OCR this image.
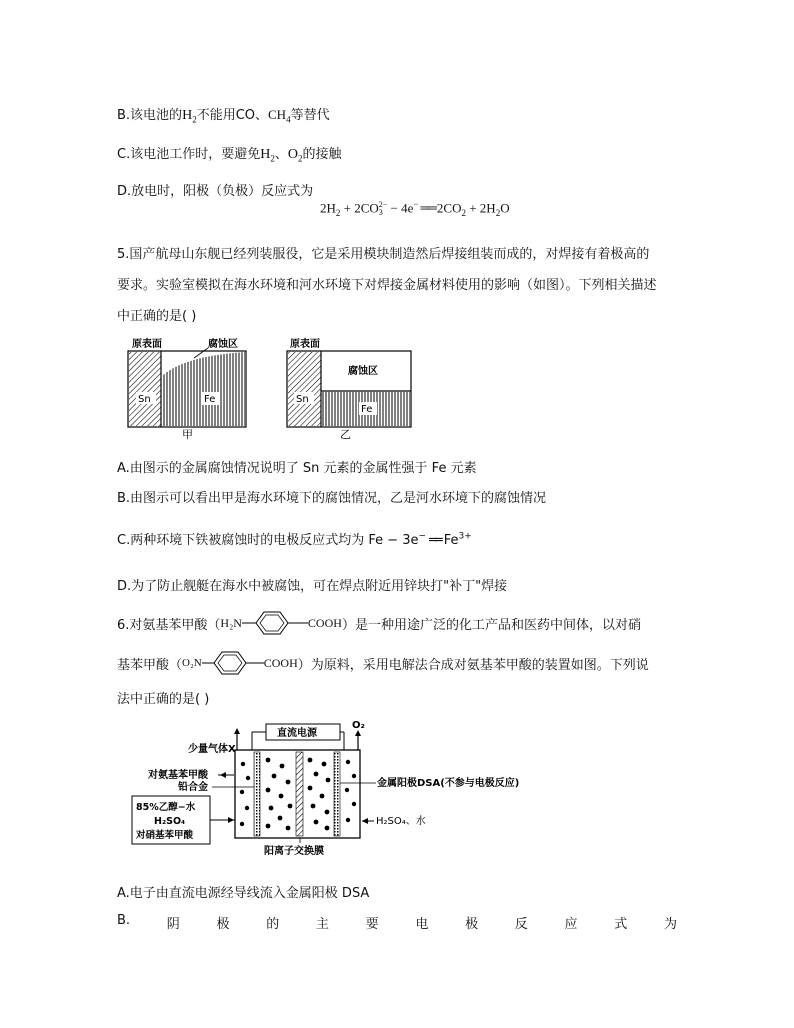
B.该电池的$H_2$不能用CO、$CH_4$等替代
C.该电池工作时，要避免$H_2$、$O_2$的接触
D.放电时，阳极（负极）反应式为
$2H_2 + 2CO$ 2−
3 − 4e− ══ $2CO_2 + 2H_2O$
5.国产航母山东舰已经列装服役，它是采用模块制造然后焊接组装而成的，对焊接有着极高的
要求。实验室模拟在海水环境和河水环境下对焊接金属材料使用的影响（如图）。下列相关描述
中正确的是( )
Sn	Fe
原表面	腐蚀区
甲
Sn
Fe
腐蚀区
原表面
乙
A.由图示的金属腐蚀情况说明了 Sn 元素的金属性强于 Fe 元素
B.由图示可以看出甲是海水环境下的腐蚀情况，乙是河水环境下的腐蚀情况
C.两种环境下铁被腐蚀时的电极反应式均为 Fe − 3e− ══ $Fe^{3+}$
D.为了防止舰艇在海水中被腐蚀，可在焊点附近用锌块打"补丁"焊接
6.对氨基苯甲酸（ H₂N	COOH ）是一种用途广泛的化工产品和医药中间体，以对硝
基苯甲酸（ O₂N	COOH ）为原料，采用电解法合成对氨基苯甲酸的装置如图。下列说
法中正确的是( )
直流电源
少量气体X
O₂
对氨基苯甲酸
铅合金
85%乙醇−水
H₂SO₄
对硝基苯甲酸
金属阳极DSA(不参与电极反应)
H₂SO₄、水
阳离子交换膜
A.电子由直流电源经导线流入金属阳极 DSA
B.	阴	极	的	主	要	电	极	反	应	式	为
